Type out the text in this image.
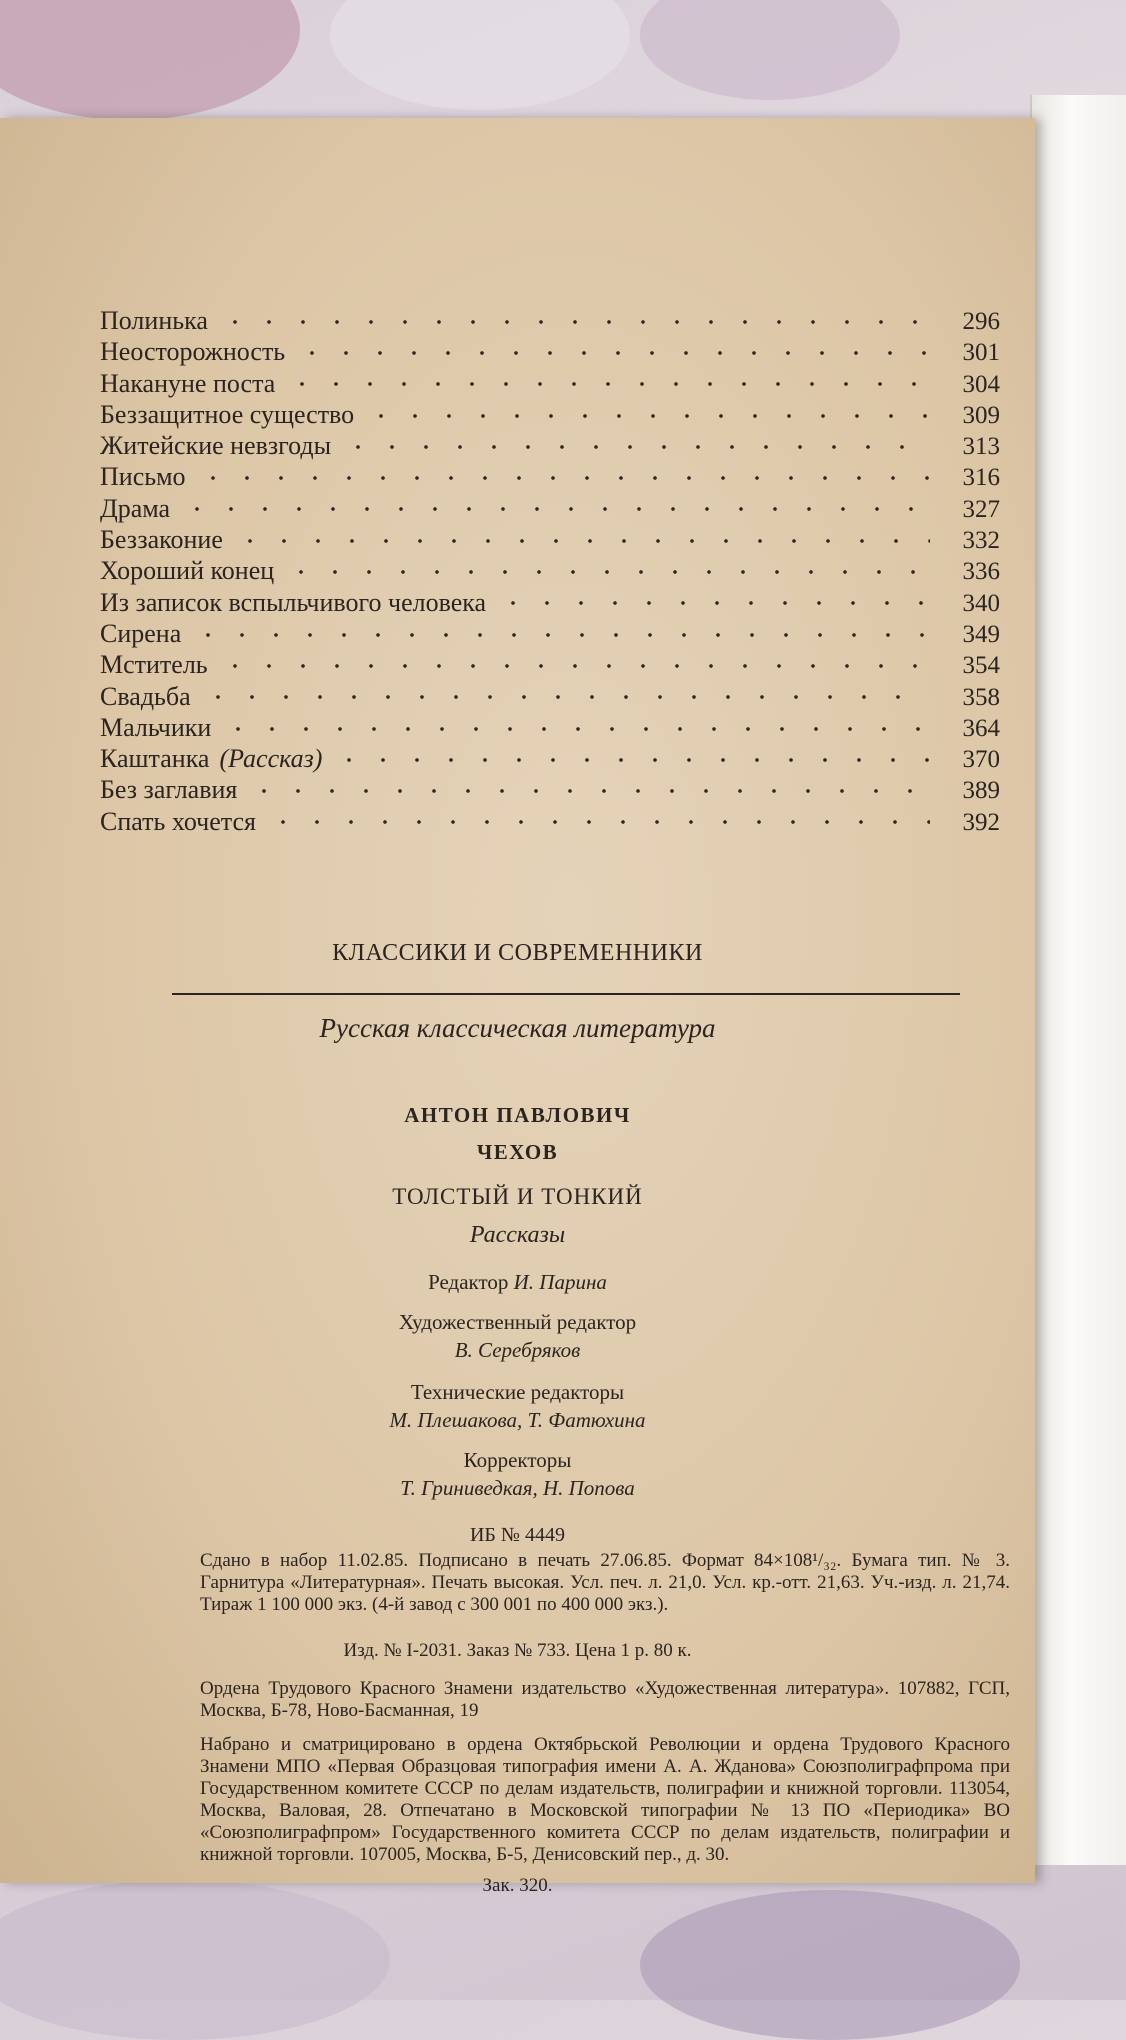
Полинька	296
Неосторожность	301
Накануне поста	304
Беззащитное существо	309
Житейские невзгоды	313
Письмо	316
Драма	327
Беззаконие	332
Хороший конец	336
Из записок вспыльчивого человека	340
Сирена	349
Мститель	354
Свадьба	358
Мальчики	364
Каштанка (Рассказ)	370
Без заглавия	389
Спать хочется	392
КЛАССИКИ И СОВРЕМЕННИКИ
Русская классическая литература
АНТОН ПАВЛОВИЧ
ЧЕХОВ
ТОЛСТЫЙ И ТОНКИЙ
Рассказы
Редактор И. Парина
Художественный редактор
В. Серебряков
Технические редакторы
М. Плешакова, Т. Фатюхина
Корректоры
Т. Гриниведкая, Н. Попова
ИБ № 4449
Сдано в набор 11.02.85. Подписано в печать 27.06.85. Формат 84×108¹/₃₂. Бумага тип. № 3. Гарнитура «Литературная». Печать высокая. Усл. печ. л. 21,0. Усл. кр.-отт. 21,63. Уч.-изд. л. 21,74. Тираж 1 100 000 экз. (4-й завод с 300 001 по 400 000 экз.).
Изд. № I-2031. Заказ № 733. Цена 1 р. 80 к.
Ордена Трудового Красного Знамени издательство «Художественная литература». 107882, ГСП, Москва, Б-78, Ново-Басманная, 19
Набрано и сматрицировано в ордена Октябрьской Революции и ордена Трудового Красного Знамени МПО «Первая Образцовая типография имени А. А. Жданова» Союзполиграфпрома при Государственном комитете СССР по делам издательств, полиграфии и книжной торговли. 113054, Москва, Валовая, 28. Отпечатано в Московской типографии № 13 ПО «Периодика» ВО «Союзполиграфпром» Государственного комитета СССР по делам издательств, полиграфии и книжной торговли. 107005, Москва, Б-5, Денисовский пер., д. 30.
Зак. 320.
